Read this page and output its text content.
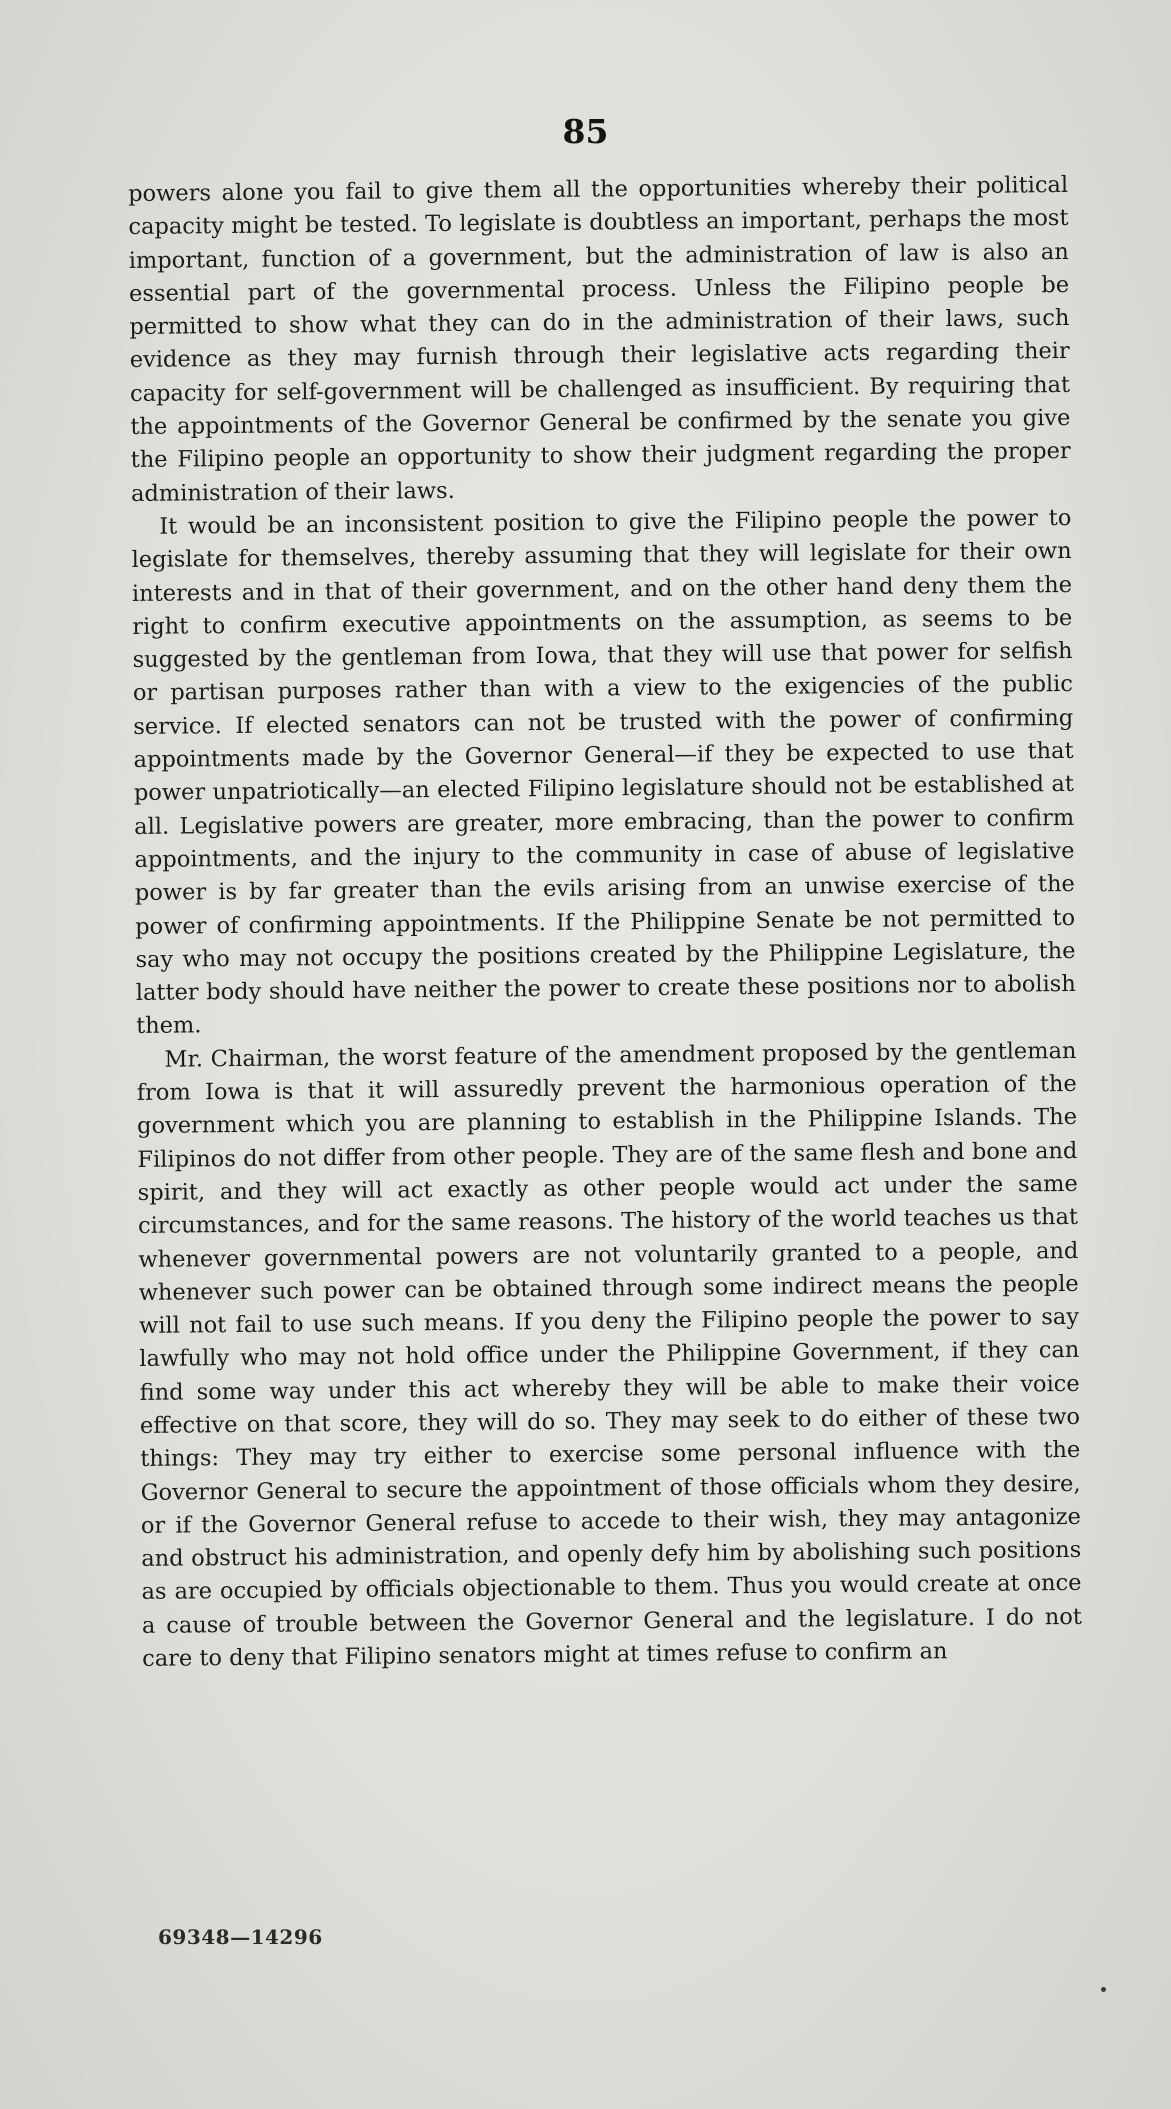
85

powers alone you fail to give them all the opportunities whereby their political capacity might be tested. To legislate is doubtless an important, perhaps the most important, function of a government, but the administration of law is also an essential part of the governmental process. Unless the Filipino people be permitted to show what they can do in the administration of their laws, such evidence as they may furnish through their legislative acts regarding their capacity for self-government will be challenged as insufficient. By requiring that the appointments of the Governor General be confirmed by the senate you give the Filipino people an opportunity to show their judgment regarding the proper administration of their laws.

It would be an inconsistent position to give the Filipino people the power to legislate for themselves, thereby assuming that they will legislate for their own interests and in that of their government, and on the other hand deny them the right to confirm executive appointments on the assumption, as seems to be suggested by the gentleman from Iowa, that they will use that power for selfish or partisan purposes rather than with a view to the exigencies of the public service. If elected senators can not be trusted with the power of confirming appointments made by the Governor General—if they be expected to use that power unpatriotically—an elected Filipino legislature should not be established at all. Legislative powers are greater, more embracing, than the power to confirm appointments, and the injury to the community in case of abuse of legislative power is by far greater than the evils arising from an unwise exercise of the power of confirming appointments. If the Philippine Senate be not permitted to say who may not occupy the positions created by the Philippine Legislature, the latter body should have neither the power to create these positions nor to abolish them.

Mr. Chairman, the worst feature of the amendment proposed by the gentleman from Iowa is that it will assuredly prevent the harmonious operation of the government which you are planning to establish in the Philippine Islands. The Filipinos do not differ from other people. They are of the same flesh and bone and spirit, and they will act exactly as other people would act under the same circumstances, and for the same reasons. The history of the world teaches us that whenever governmental powers are not voluntarily granted to a people, and whenever such power can be obtained through some indirect means the people will not fail to use such means. If you deny the Filipino people the power to say lawfully who may not hold office under the Philippine Government, if they can find some way under this act whereby they will be able to make their voice effective on that score, they will do so. They may seek to do either of these two things: They may try either to exercise some personal influence with the Governor General to secure the appointment of those officials whom they desire, or if the Governor General refuse to accede to their wish, they may antagonize and obstruct his administration, and openly defy him by abolishing such positions as are occupied by officials objectionable to them. Thus you would create at once a cause of trouble between the Governor General and the legislature. I do not care to deny that Filipino senators might at times refuse to confirm an

69348—14296
